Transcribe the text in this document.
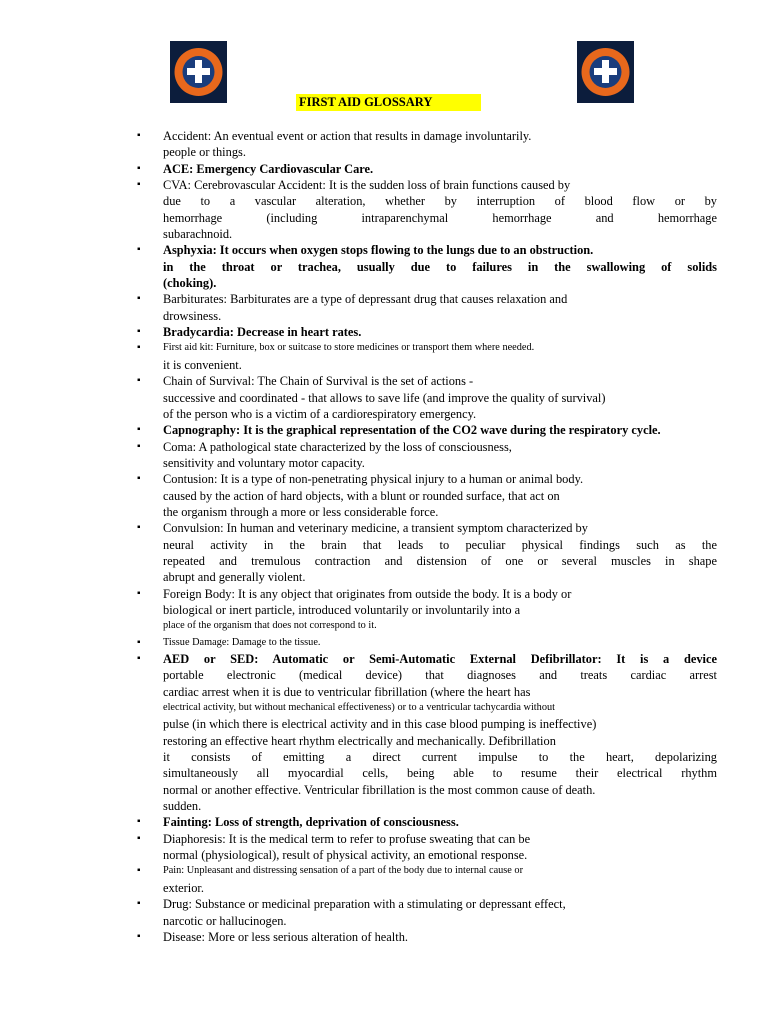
FIRST AID GLOSSARY
▪ Accident: An eventual event or action that results in damage involuntarily.
people or things.
▪ ACE: Emergency Cardiovascular Care.
▪ CVA: Cerebrovascular Accident: It is the sudden loss of brain functions caused by
due to a vascular alteration, whether by interruption of blood flow or by
hemorrhage (including intraparenchymal hemorrhage and hemorrhage
subarachnoid.
▪ Asphyxia: It occurs when oxygen stops flowing to the lungs due to an obstruction.
in the throat or trachea, usually due to failures in the swallowing of solids
(choking).
▪ Barbiturates: Barbiturates are a type of depressant drug that causes relaxation and
drowsiness.
▪ Bradycardia: Decrease in heart rates.
▪ First aid kit: Furniture, box or suitcase to store medicines or transport them where needed.
it is convenient.
▪ Chain of Survival: The Chain of Survival is the set of actions -
successive and coordinated - that allows to save life (and improve the quality of survival)
of the person who is a victim of a cardiorespiratory emergency.
▪ Capnography: It is the graphical representation of the CO2 wave during the respiratory cycle.
▪ Coma: A pathological state characterized by the loss of consciousness,
sensitivity and voluntary motor capacity.
▪ Contusion: It is a type of non-penetrating physical injury to a human or animal body.
caused by the action of hard objects, with a blunt or rounded surface, that act on
the organism through a more or less considerable force.
▪ Convulsion: In human and veterinary medicine, a transient symptom characterized by
neural activity in the brain that leads to peculiar physical findings such as the
repeated and tremulous contraction and distension of one or several muscles in shape
abrupt and generally violent.
▪ Foreign Body: It is any object that originates from outside the body. It is a body or
biological or inert particle, introduced voluntarily or involuntarily into a
place of the organism that does not correspond to it.
▪ Tissue Damage: Damage to the tissue.
▪ AED or SED: Automatic or Semi-Automatic External Defibrillator: It is a device
portable electronic (medical device) that diagnoses and treats cardiac arrest
cardiac arrest when it is due to ventricular fibrillation (where the heart has
electrical activity, but without mechanical effectiveness) or to a ventricular tachycardia without
pulse (in which there is electrical activity and in this case blood pumping is ineffective)
restoring an effective heart rhythm electrically and mechanically. Defibrillation
it consists of emitting a direct current impulse to the heart, depolarizing
simultaneously all myocardial cells, being able to resume their electrical rhythm
normal or another effective. Ventricular fibrillation is the most common cause of death.
sudden.
▪ Fainting: Loss of strength, deprivation of consciousness.
▪ Diaphoresis: It is the medical term to refer to profuse sweating that can be
normal (physiological), result of physical activity, an emotional response.
▪ Pain: Unpleasant and distressing sensation of a part of the body due to internal cause or
exterior.
▪ Drug: Substance or medicinal preparation with a stimulating or depressant effect,
narcotic or hallucinogen.
▪ Disease: More or less serious alteration of health.
